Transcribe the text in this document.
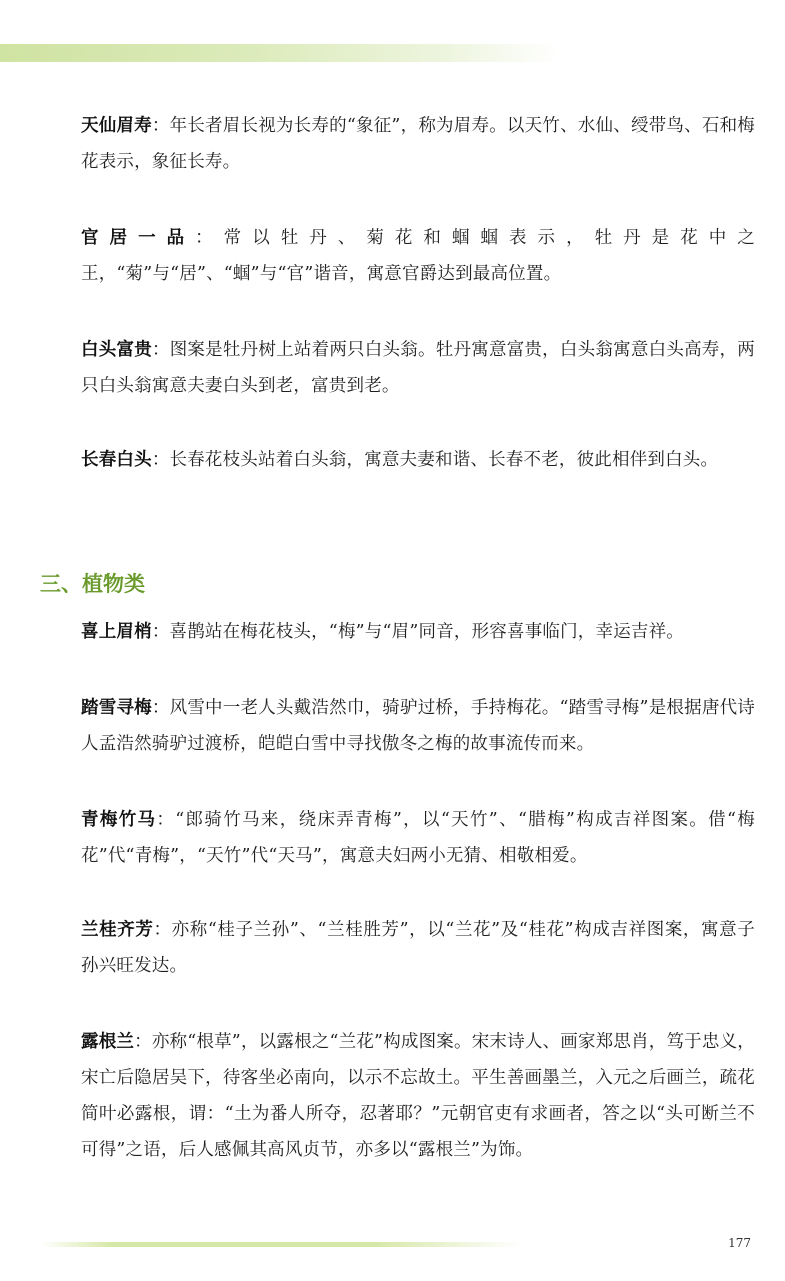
天仙眉寿：年长者眉长视为长寿的“象征”，称为眉寿。以天竹、水仙、绶带鸟、石和梅花表示，象征长寿。
官居一品：常以牡丹、菊花和蝈蝈表示，牡丹是花中之王，“菊”与“居”、“蝈”与“官”谐音，寓意官爵达到最高位置。
白头富贵：图案是牡丹树上站着两只白头翁。牡丹寓意富贵，白头翁寓意白头高寿，两只白头翁寓意夫妻白头到老，富贵到老。
长春白头：长春花枝头站着白头翁，寓意夫妻和谐、长春不老，彼此相伴到白头。
三、植物类
喜上眉梢：喜鹊站在梅花枝头，“梅”与“眉”同音，形容喜事临门，幸运吉祥。
踏雪寻梅：风雪中一老人头戴浩然巾，骑驴过桥，手持梅花。“踏雪寻梅”是根据唐代诗人孟浩然骑驴过渡桥，皑皑白雪中寻找傲冬之梅的故事流传而来。
青梅竹马：“郎骑竹马来，绕床弄青梅”，以“天竹”、“腊梅”构成吉祥图案。借“梅花”代“青梅”，“天竹”代“天马”，寓意夫妇两小无猜、相敬相爱。
兰桂齐芳：亦称“桂子兰孙”、“兰桂胜芳”，以“兰花”及“桂花”构成吉祥图案，寓意子孙兴旺发达。
露根兰：亦称“根草”，以露根之“兰花”构成图案。宋末诗人、画家郑思肖，笃于忠义，宋亡后隐居吴下，待客坐必南向，以示不忘故土。平生善画墨兰，入元之后画兰，疏花简叶必露根，谓：“土为番人所夺，忍著耶？”元朝官吏有求画者，答之以“头可断兰不可得”之语，后人感佩其高风贞节，亦多以“露根兰”为饰。
177
